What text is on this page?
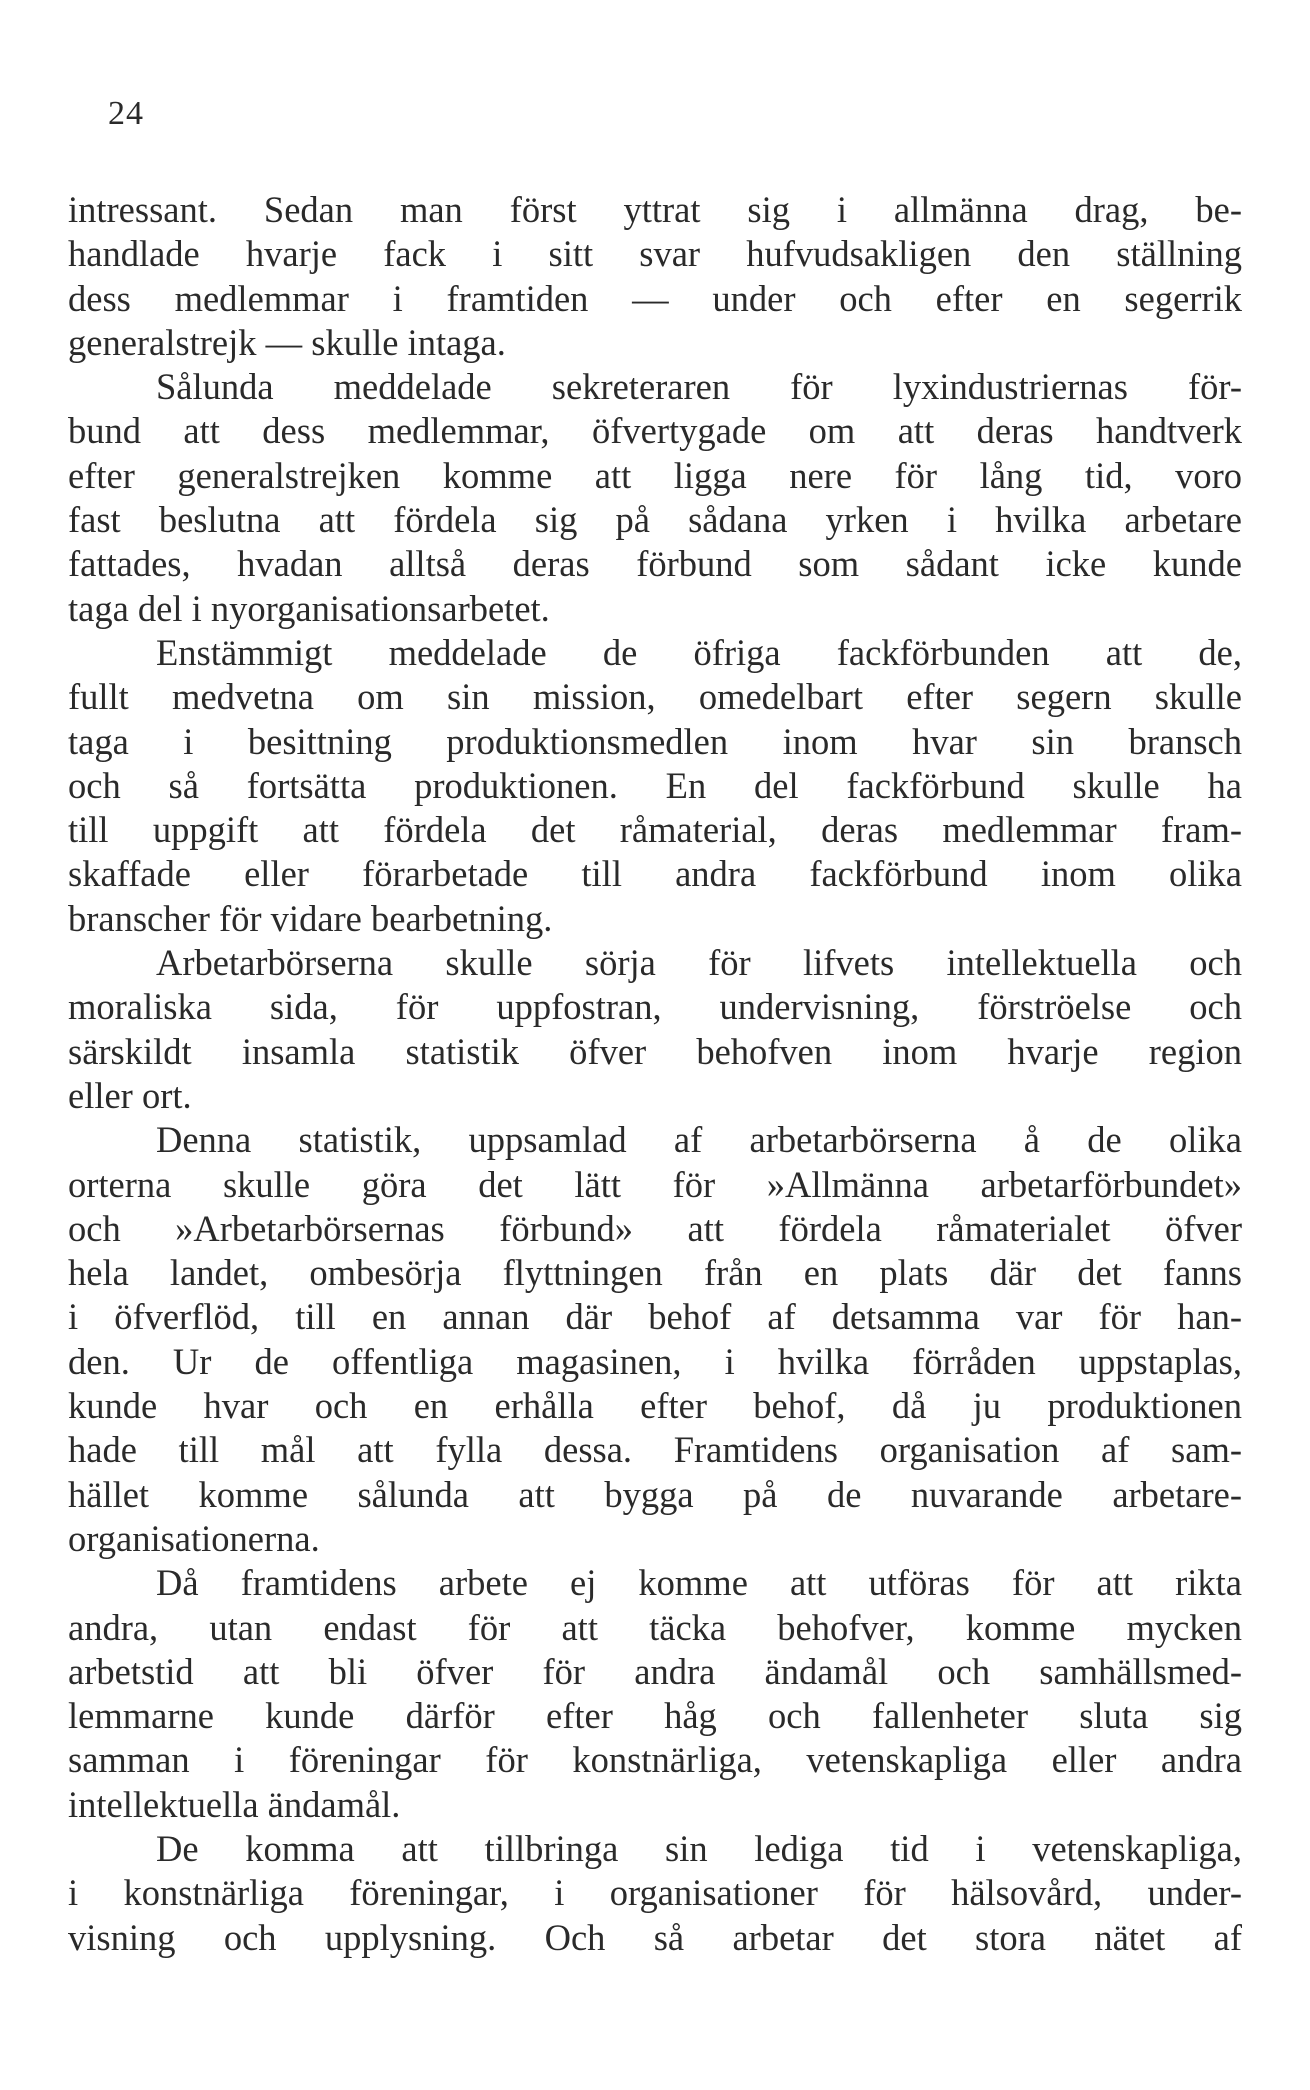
24
intressant. Sedan man först yttrat sig i allmänna drag, be-
handlade hvarje fack i sitt svar hufvudsakligen den ställning
dess medlemmar i framtiden — under och efter en segerrik
generalstrejk — skulle intaga.
Sålunda meddelade sekreteraren för lyxindustriernas för-
bund att dess medlemmar, öfvertygade om att deras handtverk
efter generalstrejken komme att ligga nere för lång tid, voro
fast beslutna att fördela sig på sådana yrken i hvilka arbetare
fattades, hvadan alltså deras förbund som sådant icke kunde
taga del i nyorganisationsarbetet.
Enstämmigt meddelade de öfriga fackförbunden att de,
fullt medvetna om sin mission, omedelbart efter segern skulle
taga i besittning produktionsmedlen inom hvar sin bransch
och så fortsätta produktionen. En del fackförbund skulle ha
till uppgift att fördela det råmaterial, deras medlemmar fram-
skaffade eller förarbetade till andra fackförbund inom olika
branscher för vidare bearbetning.
Arbetarbörserna skulle sörja för lifvets intellektuella och
moraliska sida, för uppfostran, undervisning, förströelse och
särskildt insamla statistik öfver behofven inom hvarje region
eller ort.
Denna statistik, uppsamlad af arbetarbörserna å de olika
orterna skulle göra det lätt för »Allmänna arbetarförbundet»
och »Arbetarbörsernas förbund» att fördela råmaterialet öfver
hela landet, ombesörja flyttningen från en plats där det fanns
i öfverflöd, till en annan där behof af detsamma var för han-
den. Ur de offentliga magasinen, i hvilka förråden uppstaplas,
kunde hvar och en erhålla efter behof, då ju produktionen
hade till mål att fylla dessa. Framtidens organisation af sam-
hället komme sålunda att bygga på de nuvarande arbetare-
organisationerna.
Då framtidens arbete ej komme att utföras för att rikta
andra, utan endast för att täcka behofver, komme mycken
arbetstid att bli öfver för andra ändamål och samhällsmed-
lemmarne kunde därför efter håg och fallenheter sluta sig
samman i föreningar för konstnärliga, vetenskapliga eller andra
intellektuella ändamål.
De komma att tillbringa sin lediga tid i vetenskapliga,
i konstnärliga föreningar, i organisationer för hälsovård, under-
visning och upplysning. Och så arbetar det stora nätet af
